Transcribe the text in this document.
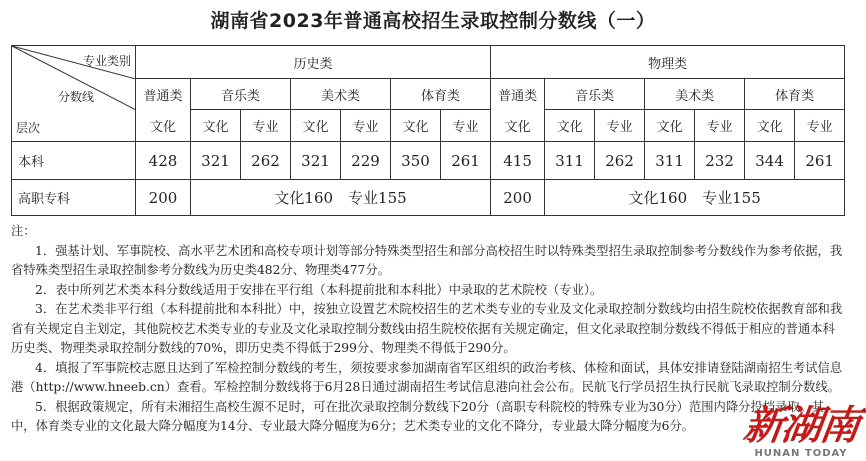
湖南省2023年普通高校招生录取控制分数线（一）
专业类别
分数线
层次	历史类							物理类						
	普通类	音乐类		美术类		体育类		普通类	音乐类		美术类		体育类	
	文化	文化	专业	文化	专业	文化	专业	文化	文化	专业	文化	专业	文化	专业
本科	428	321	262	321	229	350	261	415	311	262	311	232	344	261
高职专科	200	文化160　专业155						200	文化160　专业155					

注：

1．强基计划、军事院校、高水平艺术团和高校专项计划等部分特殊类型招生和部分高校招生时以特殊类型招生录取控制参考分数线作为参考依据，我省特殊类型招生录取控制参考分数线为历史类482分、物理类477分。

2．表中所列艺术类本科分数线适用于安排在平行组（本科提前批和本科批）中录取的艺术院校（专业）。

3．在艺术类非平行组（本科提前批和本科批）中，按独立设置艺术院校招生的艺术类专业的专业及文化录取控制分数线均由招生院校依据教育部和我省有关规定自主划定，其他院校艺术类专业的专业及文化录取控制分数线由招生院校依据有关规定确定，但文化录取控制分数线不得低于相应的普通本科历史类、物理类录取控制分数线的70%，即历史类不得低于299分、物理类不得低于290分。

4．填报了军事院校志愿且达到了军检控制分数线的考生，须按要求参加湖南省军区组织的政治考核、体检和面试，具体安排请登陆湖南招生考试信息港（http://www.hneeb.cn）查看。军检控制分数线将于6月28日通过湖南招生考试信息港向社会公布。民航飞行学员招生执行民航飞录取控制分数线。

5．根据政策规定，所有未湘招生高校生源不足时，可在批次录取控制分数线下20分（高职专科院校的特殊专业为30分）范围内降分投档录取。其中，体育类专业的文化最大降分幅度为14分、专业最大降分幅度为6分；艺术类专业的文化不降分，专业最大降分幅度为6分。	新湖南
HUNAN TODAY
